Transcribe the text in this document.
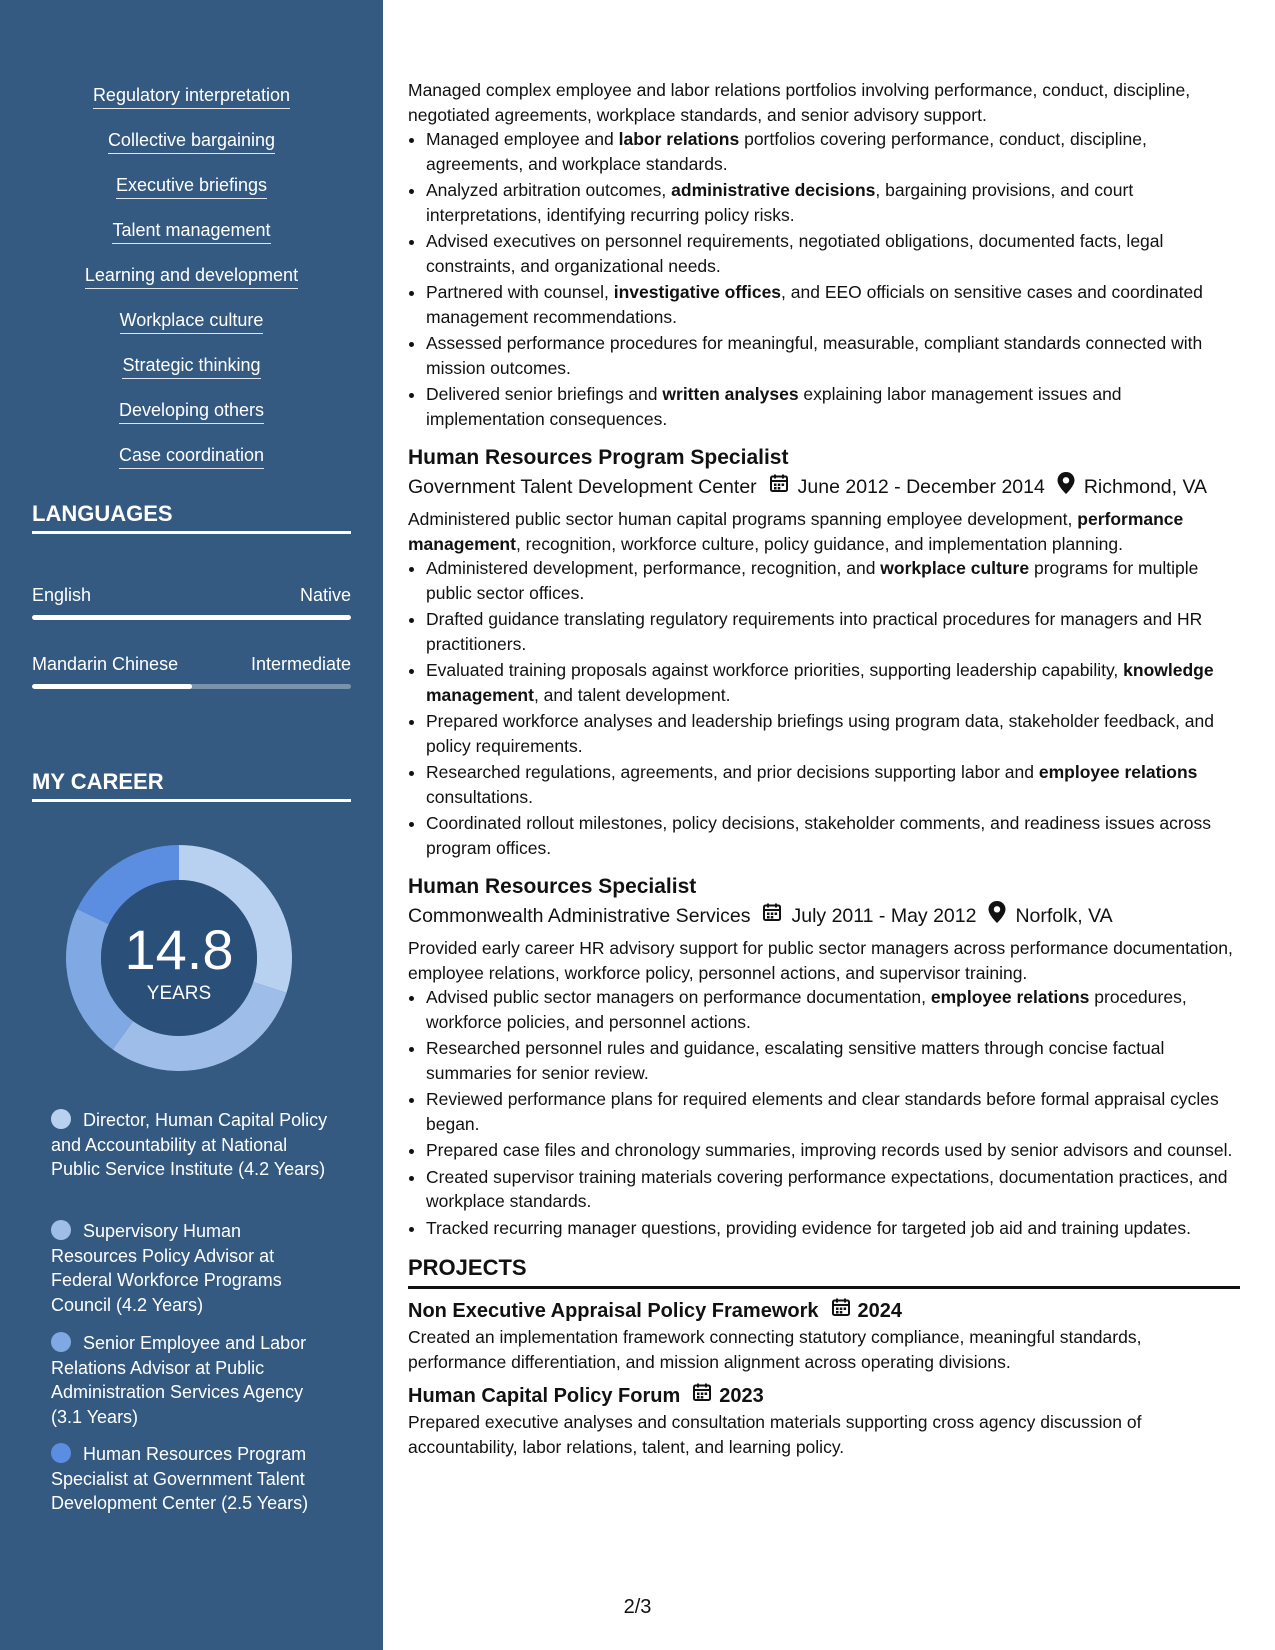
Regulatory interpretation
Collective bargaining
Executive briefings
Talent management
Learning and development
Workplace culture
Strategic thinking
Developing others
Case coordination
LANGUAGES
English	Native
Mandarin Chinese	Intermediate
MY CAREER
14.8
YEARS
Director, Human Capital Policy and Accountability at National Public Service Institute (4.2 Years)
Supervisory Human Resources Policy Advisor at Federal Workforce Programs Council (4.2 Years)
Senior Employee and Labor Relations Advisor at Public Administration Services Agency (3.1 Years)
Human Resources Program Specialist at Government Talent Development Center (2.5 Years)

Managed complex employee and labor relations portfolios involving performance, conduct, discipline, negotiated agreements, workplace standards, and senior advisory support.

• Managed employee and labor relations portfolios covering performance, conduct, discipline, agreements, and workplace standards.
• Analyzed arbitration outcomes, administrative decisions, bargaining provisions, and court interpretations, identifying recurring policy risks.
• Advised executives on personnel requirements, negotiated obligations, documented facts, legal constraints, and organizational needs.
• Partnered with counsel, investigative offices, and EEO officials on sensitive cases and coordinated management recommendations.
• Assessed performance procedures for meaningful, measurable, compliant standards connected with mission outcomes.
• Delivered senior briefings and written analyses explaining labor management issues and implementation consequences.
Human Resources Program Specialist
Government Talent Development Center June 2012 - December 2014 Richmond, VA

Administered public sector human capital programs spanning employee development, performance management, recognition, workforce culture, policy guidance, and implementation planning.

• Administered development, performance, recognition, and workplace culture programs for multiple public sector offices.
• Drafted guidance translating regulatory requirements into practical procedures for managers and HR practitioners.
• Evaluated training proposals against workforce priorities, supporting leadership capability, knowledge management, and talent development.
• Prepared workforce analyses and leadership briefings using program data, stakeholder feedback, and policy requirements.
• Researched regulations, agreements, and prior decisions supporting labor and employee relations consultations.
• Coordinated rollout milestones, policy decisions, stakeholder comments, and readiness issues across program offices.
Human Resources Specialist
Commonwealth Administrative Services July 2011 - May 2012 Norfolk, VA

Provided early career HR advisory support for public sector managers across performance documentation, employee relations, workforce policy, personnel actions, and supervisor training.

• Advised public sector managers on performance documentation, employee relations procedures, workforce policies, and personnel actions.
• Researched personnel rules and guidance, escalating sensitive matters through concise factual summaries for senior review.
• Reviewed performance plans for required elements and clear standards before formal appraisal cycles began.
• Prepared case files and chronology summaries, improving records used by senior advisors and counsel.
• Created supervisor training materials covering performance expectations, documentation practices, and workplace standards.
• Tracked recurring manager questions, providing evidence for targeted job aid and training updates.
PROJECTS
Non Executive Appraisal Policy Framework 2024

Created an implementation framework connecting statutory compliance, meaningful standards, performance differentiation, and mission alignment across operating divisions.

Human Capital Policy Forum 2023

Prepared executive analyses and consultation materials supporting cross agency discussion of accountability, labor relations, talent, and learning policy.

2/3
